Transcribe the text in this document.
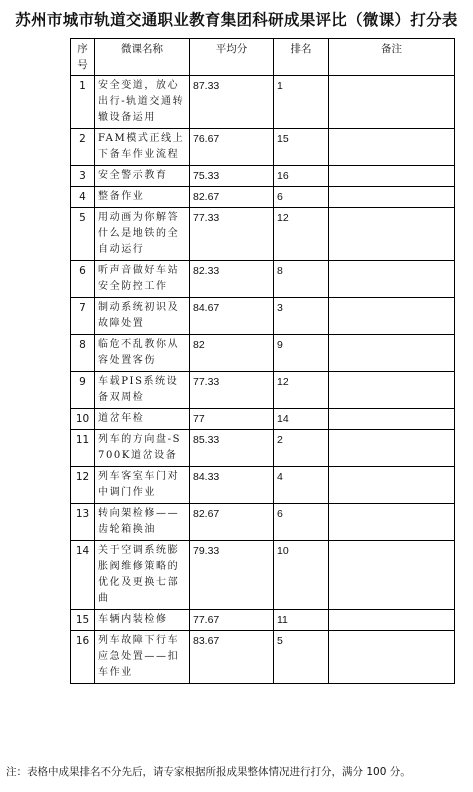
苏州市城市轨道交通职业教育集团科研成果评比（微课）打分表
序号	微课名称	平均分	排名	备注
1	安全变道，放心出行-轨道交通转辙设备运用	87.33	1	
2	FAM模式正线上下备车作业流程	76.67	15	
3	安全警示教育	75.33	16	
4	整备作业	82.67	6	
5	用动画为你解答什么是地铁的全自动运行	77.33	12	
6	听声音做好车站安全防控工作	82.33	8	
7	制动系统初识及故障处置	84.67	3	
8	临危不乱教你从容处置客伤	82	9	
9	车载PIS系统设备双周检	77.33	12	
10	道岔年检	77	14	
11	列车的方向盘-S700K道岔设备	85.33	2	
12	列车客室车门对中调门作业	84.33	4	
13	转向架检修——齿轮箱换油	82.67	6	
14	关于空调系统膨胀阀维修策略的优化及更换七部曲	79.33	10	
15	车辆内装检修	77.67	11	
16	列车故障下行车应急处置——扣车作业	83.67	5	
注：表格中成果排名不分先后，请专家根据所报成果整体情况进行打分，满分 100 分。
